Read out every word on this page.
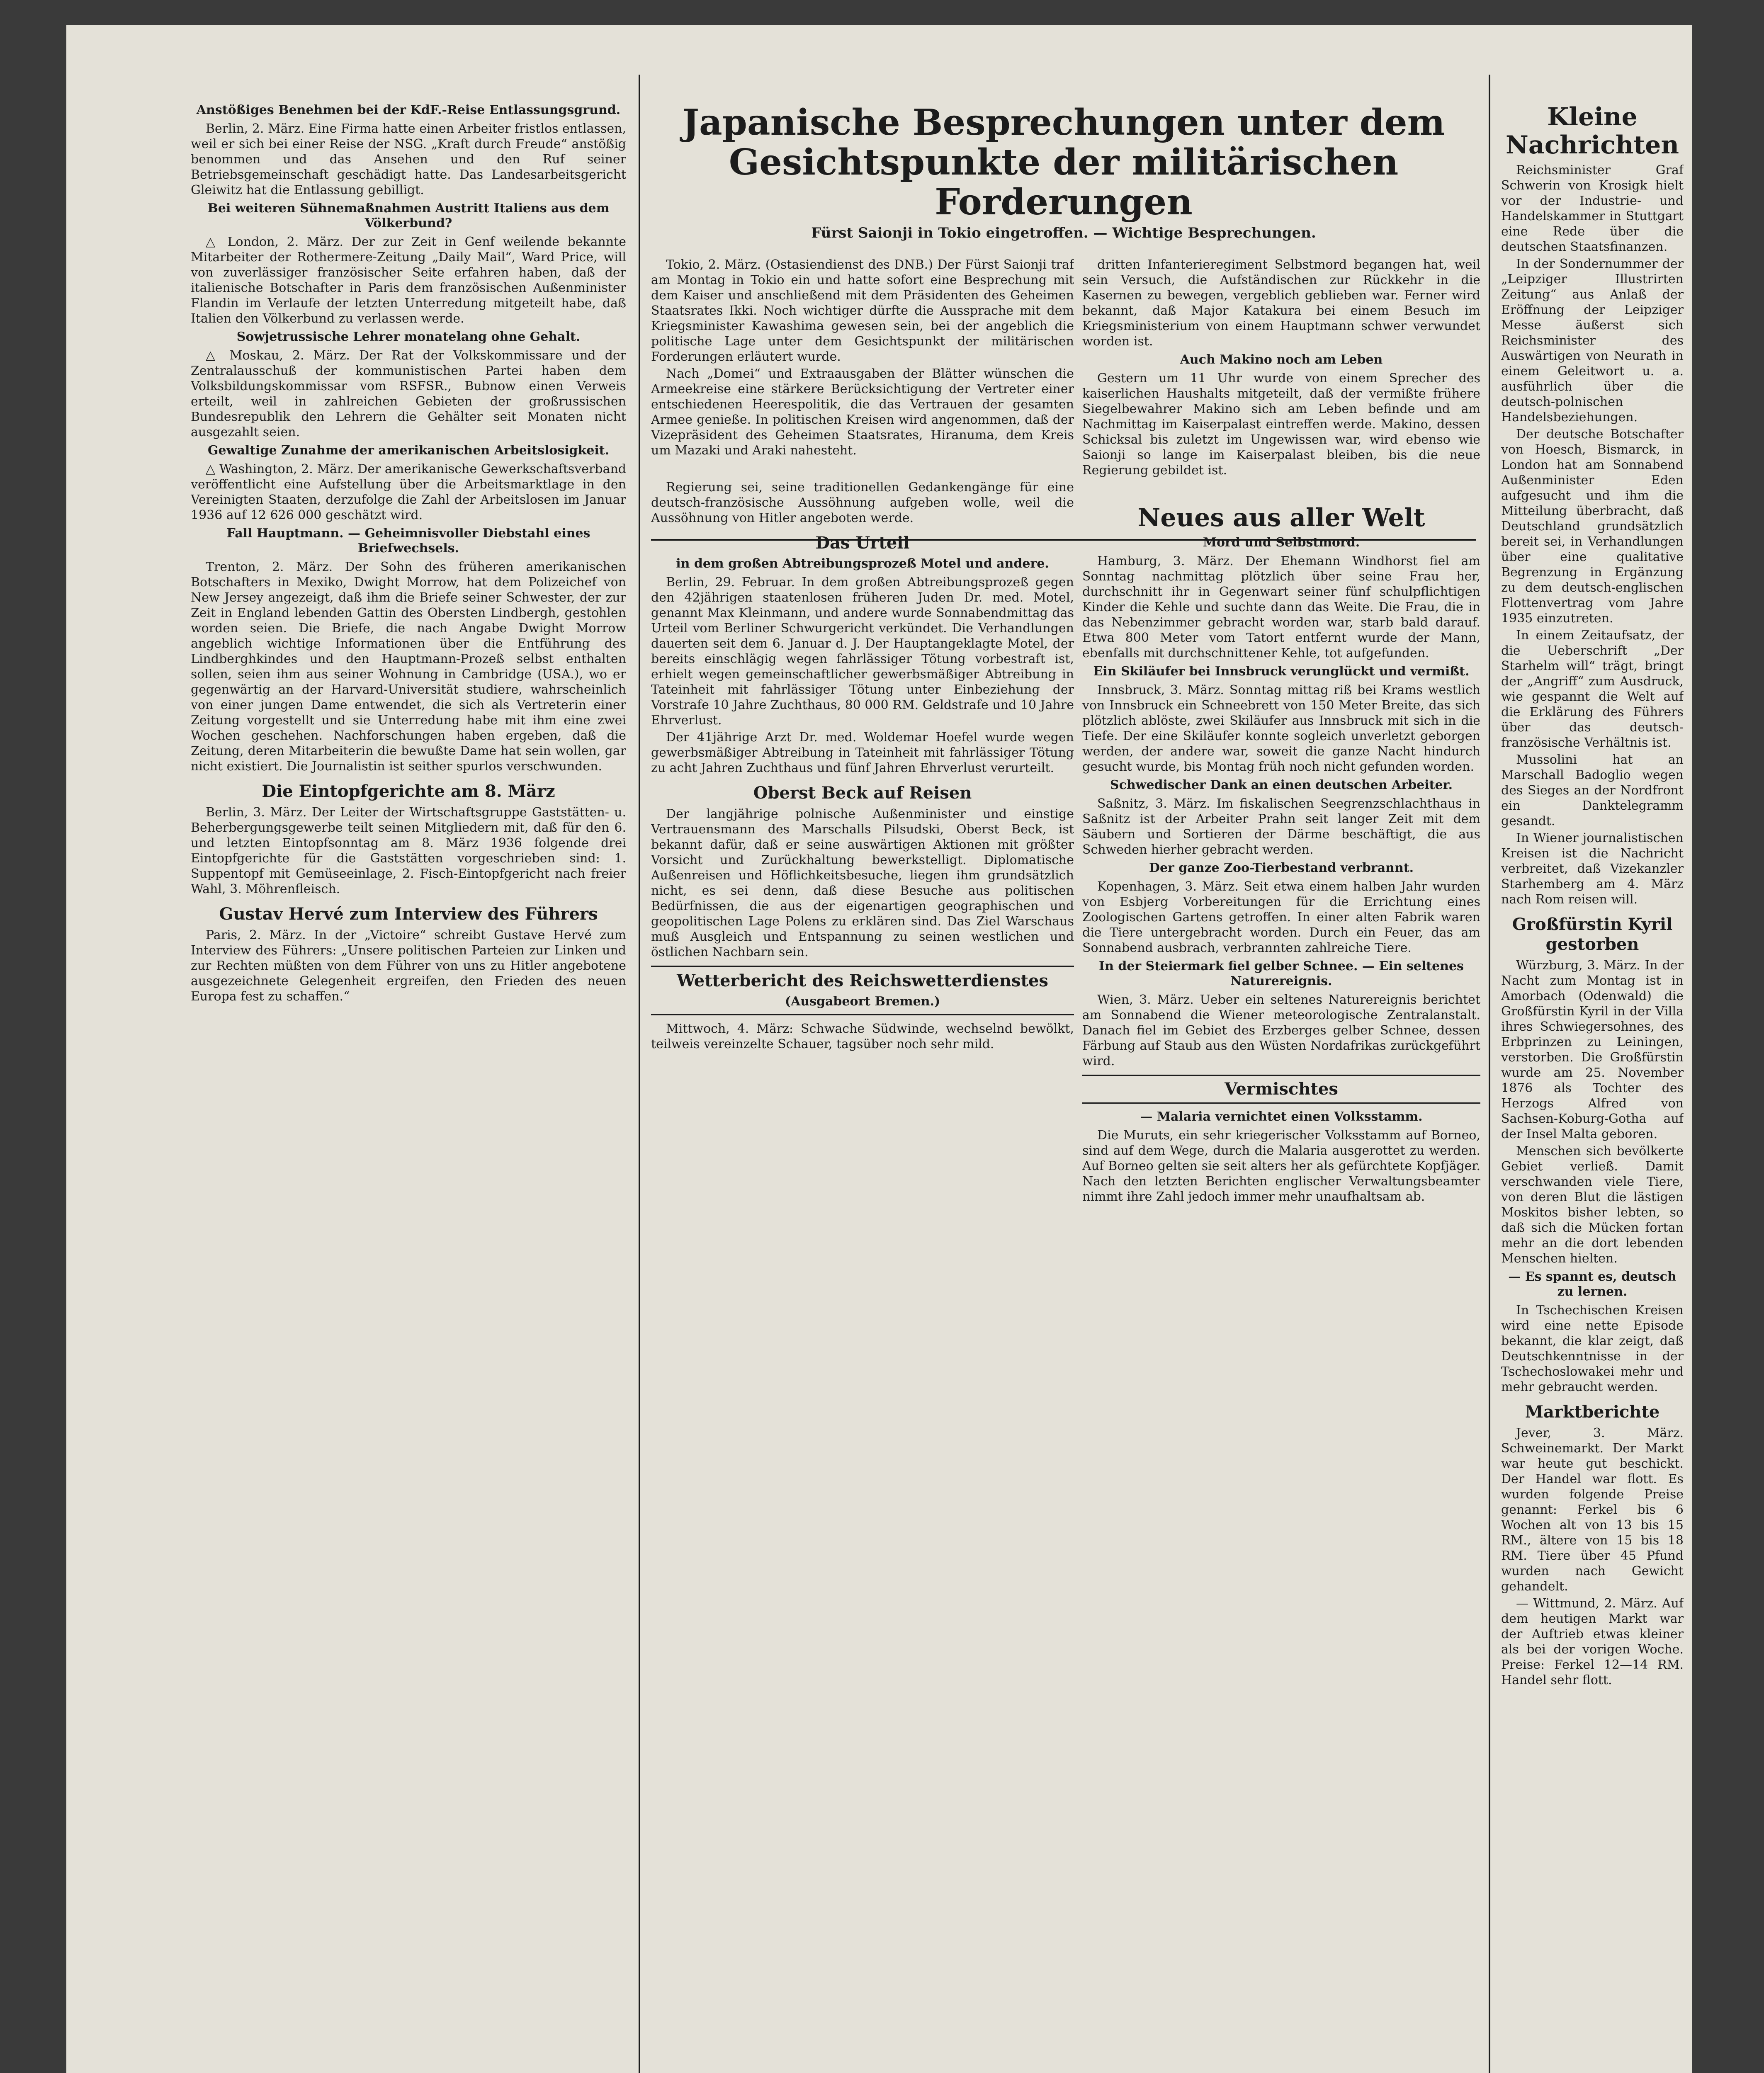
Japanische Besprechungen unter dem Gesichtspunkte der militärischen Forderungen
Fürst Saionji in Tokio eingetroffen. — Wichtige Besprechungen.
Anstößiges Benehmen bei der KdF.-Reise Entlassungsgrund.

Berlin, 2. März. Eine Firma hatte einen Arbeiter fristlos entlassen, weil er sich bei einer Reise der NSG. „Kraft durch Freude“ anstößig benommen und das Ansehen und den Ruf seiner Betriebsgemeinschaft geschädigt hatte. Das Landesarbeitsgericht Gleiwitz hat die Entlassung gebilligt.

Bei weiteren Sühnemaßnahmen Austritt Italiens aus dem Völkerbund?

△ London, 2. März. Der zur Zeit in Genf weilende bekannte Mitarbeiter der Rothermere-Zeitung „Daily Mail“, Ward Price, will von zuverlässiger französischer Seite erfahren haben, daß der italienische Botschafter in Paris dem französischen Außenminister Flandin im Verlaufe der letzten Unterredung mitgeteilt habe, daß Italien den Völkerbund zu verlassen werde.

Sowjetrussische Lehrer monatelang ohne Gehalt.

△ Moskau, 2. März. Der Rat der Volkskommissare und der Zentralausschuß der kommunistischen Partei haben dem Volksbildungskommissar vom RSFSR., Bubnow einen Verweis erteilt, weil in zahlreichen Gebieten der großrussischen Bundesrepublik den Lehrern die Gehälter seit Monaten nicht ausgezahlt seien.

Gewaltige Zunahme der amerikanischen Arbeitslosigkeit.

△ Washington, 2. März. Der amerikanische Gewerkschaftsverband veröffentlicht eine Aufstellung über die Arbeitsmarktlage in den Vereinigten Staaten, derzufolge die Zahl der Arbeitslosen im Januar 1936 auf 12 626 000 geschätzt wird.

Fall Hauptmann. — Geheimnisvoller Diebstahl eines Briefwechsels.

Trenton, 2. März. Der Sohn des früheren amerikanischen Botschafters in Mexiko, Dwight Morrow, hat dem Polizeichef von New Jersey angezeigt, daß ihm die Briefe seiner Schwester, der zur Zeit in England lebenden Gattin des Obersten Lindbergh, gestohlen worden seien. Die Briefe, die nach Angabe Dwight Morrow angeblich wichtige Informationen über die Entführung des Lindberghkindes und den Hauptmann-Prozeß selbst enthalten sollen, seien ihm aus seiner Wohnung in Cambridge (USA.), wo er gegenwärtig an der Harvard-Universität studiere, wahrscheinlich von einer jungen Dame entwendet, die sich als Vertreterin einer Zeitung vorgestellt und sie Unterredung habe mit ihm eine zwei Wochen geschehen. Nachforschungen haben ergeben, daß die Zeitung, deren Mitarbeiterin die bewußte Dame hat sein wollen, gar nicht existiert. Die Journalistin ist seither spurlos verschwunden.

Die Eintopfgerichte am 8. März

Berlin, 3. März. Der Leiter der Wirtschaftsgruppe Gaststätten- u. Beherbergungsgewerbe teilt seinen Mitgliedern mit, daß für den 6. und letzten Eintopfsonntag am 8. März 1936 folgende drei Eintopfgerichte für die Gaststätten vorgeschrieben sind: 1. Suppentopf mit Gemüseeinlage, 2. Fisch-Eintopfgericht nach freier Wahl, 3. Möhrenfleisch.

Gustav Hervé zum Interview des Führers

Paris, 2. März. In der „Victoire“ schreibt Gustave Hervé zum Interview des Führers: „Unsere politischen Parteien zur Linken und zur Rechten müßten von dem Führer von uns zu Hitler angebotene ausgezeichnete Gelegenheit ergreifen, den Frieden des neuen Europa fest zu schaffen.“

Tokio, 2. März. (Ostasiendienst des DNB.) Der Fürst Saionji traf am Montag in Tokio ein und hatte sofort eine Besprechung mit dem Kaiser und anschließend mit dem Präsidenten des Geheimen Staatsrates Ikki. Noch wichtiger dürfte die Aussprache mit dem Kriegsminister Kawashima gewesen sein, bei der angeblich die politische Lage unter dem Gesichtspunkt der militärischen Forderungen erläutert wurde.

Nach „Domei“ und Extraausgaben der Blätter wünschen die Armeekreise eine stärkere Berücksichtigung der Vertreter einer entschiedenen Heerespolitik, die das Vertrauen der gesamten Armee genieße. In politischen Kreisen wird angenommen, daß der Vizepräsident des Geheimen Staatsrates, Hiranuma, dem Kreis um Mazaki und Araki nahesteht.

Regierung sei, seine traditionellen Gedankengänge für eine deutsch-französische Aussöhnung aufgeben wolle, weil die Aussöhnung von Hitler angeboten werde.

Das Urteil
in dem großen Abtreibungsprozeß Motel und andere.

Berlin, 29. Februar. In dem großen Abtreibungsprozeß gegen den 42jährigen staatenlosen früheren Juden Dr. med. Motel, genannt Max Kleinmann, und andere wurde Sonnabendmittag das Urteil vom Berliner Schwurgericht verkündet. Die Verhandlungen dauerten seit dem 6. Januar d. J. Der Hauptangeklagte Motel, der bereits einschlägig wegen fahrlässiger Tötung vorbestraft ist, erhielt wegen gemeinschaftlicher gewerbsmäßiger Abtreibung in Tateinheit mit fahrlässiger Tötung unter Einbeziehung der Vorstrafe 10 Jahre Zuchthaus, 80 000 RM. Geldstrafe und 10 Jahre Ehrverlust.

Der 41jährige Arzt Dr. med. Woldemar Hoefel wurde wegen gewerbsmäßiger Abtreibung in Tateinheit mit fahrlässiger Tötung zu acht Jahren Zuchthaus und fünf Jahren Ehrverlust verurteilt.

Oberst Beck auf Reisen

Der langjährige polnische Außenminister und einstige Vertrauensmann des Marschalls Pilsudski, Oberst Beck, ist bekannt dafür, daß er seine auswärtigen Aktionen mit größter Vorsicht und Zurückhaltung bewerkstelligt. Diplomatische Außenreisen und Höflichkeitsbesuche, liegen ihm grundsätzlich nicht, es sei denn, daß diese Besuche aus politischen Bedürfnissen, die aus der eigenartigen geographischen und geopolitischen Lage Polens zu erklären sind. Das Ziel Warschaus muß Ausgleich und Entspannung zu seinen westlichen und östlichen Nachbarn sein.

Wetterbericht des Reichswetterdienstes
(Ausgabeort Bremen.)

Mittwoch, 4. März: Schwache Südwinde, wechselnd bewölkt, teilweis vereinzelte Schauer, tagsüber noch sehr mild.

dritten Infanterieregiment Selbstmord begangen hat, weil sein Versuch, die Aufständischen zur Rückkehr in die Kasernen zu bewegen, vergeblich geblieben war. Ferner wird bekannt, daß Major Katakura bei einem Besuch im Kriegsministerium von einem Hauptmann schwer verwundet worden ist.

Auch Makino noch am Leben

Gestern um 11 Uhr wurde von einem Sprecher des kaiserlichen Haushalts mitgeteilt, daß der vermißte frühere Siegelbewahrer Makino sich am Leben befinde und am Nachmittag im Kaiserpalast eintreffen werde. Makino, dessen Schicksal bis zuletzt im Ungewissen war, wird ebenso wie Saionji so lange im Kaiserpalast bleiben, bis die neue Regierung gebildet ist.

Neues aus aller Welt
Mord und Selbstmord.

Hamburg, 3. März. Der Ehemann Windhorst fiel am Sonntag nachmittag plötzlich über seine Frau her, durchschnitt ihr in Gegenwart seiner fünf schulpflichtigen Kinder die Kehle und suchte dann das Weite. Die Frau, die in das Nebenzimmer gebracht worden war, starb bald darauf. Etwa 800 Meter vom Tatort entfernt wurde der Mann, ebenfalls mit durchschnittener Kehle, tot aufgefunden.

Ein Skiläufer bei Innsbruck verunglückt und vermißt.

Innsbruck, 3. März. Sonntag mittag riß bei Krams westlich von Innsbruck ein Schneebrett von 150 Meter Breite, das sich plötzlich ablöste, zwei Skiläufer aus Innsbruck mit sich in die Tiefe. Der eine Skiläufer konnte sogleich unverletzt geborgen werden, der andere war, soweit die ganze Nacht hindurch gesucht wurde, bis Montag früh noch nicht gefunden worden.

Schwedischer Dank an einen deutschen Arbeiter.

Saßnitz, 3. März. Im fiskalischen Seegrenzschlachthaus in Saßnitz ist der Arbeiter Prahn seit langer Zeit mit dem Säubern und Sortieren der Därme beschäftigt, die aus Schweden hierher gebracht werden.

Der ganze Zoo-Tierbestand verbrannt.

Kopenhagen, 3. März. Seit etwa einem halben Jahr wurden von Esbjerg Vorbereitungen für die Errichtung eines Zoologischen Gartens getroffen. In einer alten Fabrik waren die Tiere untergebracht worden. Durch ein Feuer, das am Sonnabend ausbrach, verbrannten zahlreiche Tiere.

In der Steiermark fiel gelber Schnee. — Ein seltenes Naturereignis.

Wien, 3. März. Ueber ein seltenes Naturereignis berichtet am Sonnabend die Wiener meteorologische Zentralanstalt. Danach fiel im Gebiet des Erzberges gelber Schnee, dessen Färbung auf Staub aus den Wüsten Nordafrikas zurückgeführt wird.

Vermischtes
— Malaria vernichtet einen Volksstamm.

Die Muruts, ein sehr kriegerischer Volksstamm auf Borneo, sind auf dem Wege, durch die Malaria ausgerottet zu werden. Auf Borneo gelten sie seit alters her als gefürchtete Kopfjäger. Nach den letzten Berichten englischer Verwaltungsbeamter nimmt ihre Zahl jedoch immer mehr unaufhaltsam ab.

Kleine Nachrichten

Reichsminister Graf Schwerin von Krosigk hielt vor der Industrie- und Handelskammer in Stuttgart eine Rede über die deutschen Staatsfinanzen.

In der Sondernummer der „Leipziger Illustrirten Zeitung“ aus Anlaß der Eröffnung der Leipziger Messe äußerst sich Reichsminister des Auswärtigen von Neurath in einem Geleitwort u. a. ausführlich über die deutsch-polnischen Handelsbeziehungen.

Der deutsche Botschafter von Hoesch, Bismarck, in London hat am Sonnabend Außenminister Eden aufgesucht und ihm die Mitteilung überbracht, daß Deutschland grundsätzlich bereit sei, in Verhandlungen über eine qualitative Begrenzung in Ergänzung zu dem deutsch-englischen Flottenvertrag vom Jahre 1935 einzutreten.

In einem Zeitaufsatz, der die Ueberschrift „Der Starhelm will“ trägt, bringt der „Angriff“ zum Ausdruck, wie gespannt die Welt auf die Erklärung des Führers über das deutsch-französische Verhältnis ist.

Mussolini hat an Marschall Badoglio wegen des Sieges an der Nordfront ein Danktelegramm gesandt.

In Wiener journalistischen Kreisen ist die Nachricht verbreitet, daß Vizekanzler Starhemberg am 4. März nach Rom reisen will.

Großfürstin Kyril gestorben

Würzburg, 3. März. In der Nacht zum Montag ist in Amorbach (Odenwald) die Großfürstin Kyril in der Villa ihres Schwiegersohnes, des Erbprinzen zu Leiningen, verstorben. Die Großfürstin wurde am 25. November 1876 als Tochter des Herzogs Alfred von Sachsen-Koburg-Gotha auf der Insel Malta geboren.

Menschen sich bevölkerte Gebiet verließ. Damit verschwanden viele Tiere, von deren Blut die lästigen Moskitos bisher lebten, so daß sich die Mücken fortan mehr an die dort lebenden Menschen hielten.

— Es spannt es, deutsch zu lernen.

In Tschechischen Kreisen wird eine nette Episode bekannt, die klar zeigt, daß Deutschkenntnisse in der Tschechoslowakei mehr und mehr gebraucht werden.

Marktberichte

Jever, 3. März. Schweinemarkt. Der Markt war heute gut beschickt. Der Handel war flott. Es wurden folgende Preise genannt: Ferkel bis 6 Wochen alt von 13 bis 15 RM., ältere von 15 bis 18 RM. Tiere über 45 Pfund wurden nach Gewicht gehandelt.

— Wittmund, 2. März. Auf dem heutigen Markt war der Auftrieb etwas kleiner als bei der vorigen Woche. Preise: Ferkel 12—14 RM. Handel sehr flott.
